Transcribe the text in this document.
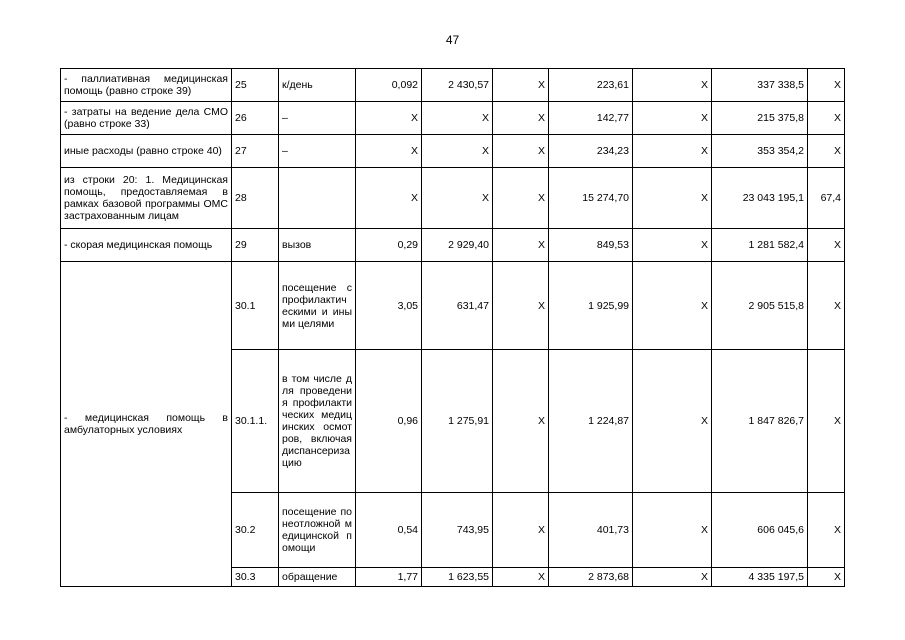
47
- паллиативная медицинская помощь (равно строке 39)	25	к/день	0,092	2 430,57	Х	223,61	Х	337 338,5	Х
- затраты на ведение дела СМО (равно строке 33)	26	–	Х	Х	Х	142,77	Х	215 375,8	Х
иные расходы (равно строке 40)	27	–	Х	Х	Х	234,23	Х	353 354,2	Х
из строки 20: 1. Медицинская помощь, предоставляемая в рамках базовой программы ОМС застрахованным лицам	28		Х	Х	Х	15 274,70	Х	23 043 195,1	67,4
- скорая медицинская помощь	29	вызов	0,29	2 929,40	Х	849,53	Х	1 281 582,4	Х
- медицинская помощь в амбулаторных условиях	30.1	посещение с профилактическими и иными целями	3,05	631,47	Х	1 925,99	Х	2 905 515,8	Х
	30.1.1.	в том числе для проведения профилактических медицинских осмотров, включая диспансеризацию	0,96	1 275,91	Х	1 224,87	Х	1 847 826,7	Х
	30.2	посещение по неотложной медицинской помощи	0,54	743,95	Х	401,73	Х	606 045,6	Х
	30.3	обращение	1,77	1 623,55	Х	2 873,68	Х	4 335 197,5	Х
